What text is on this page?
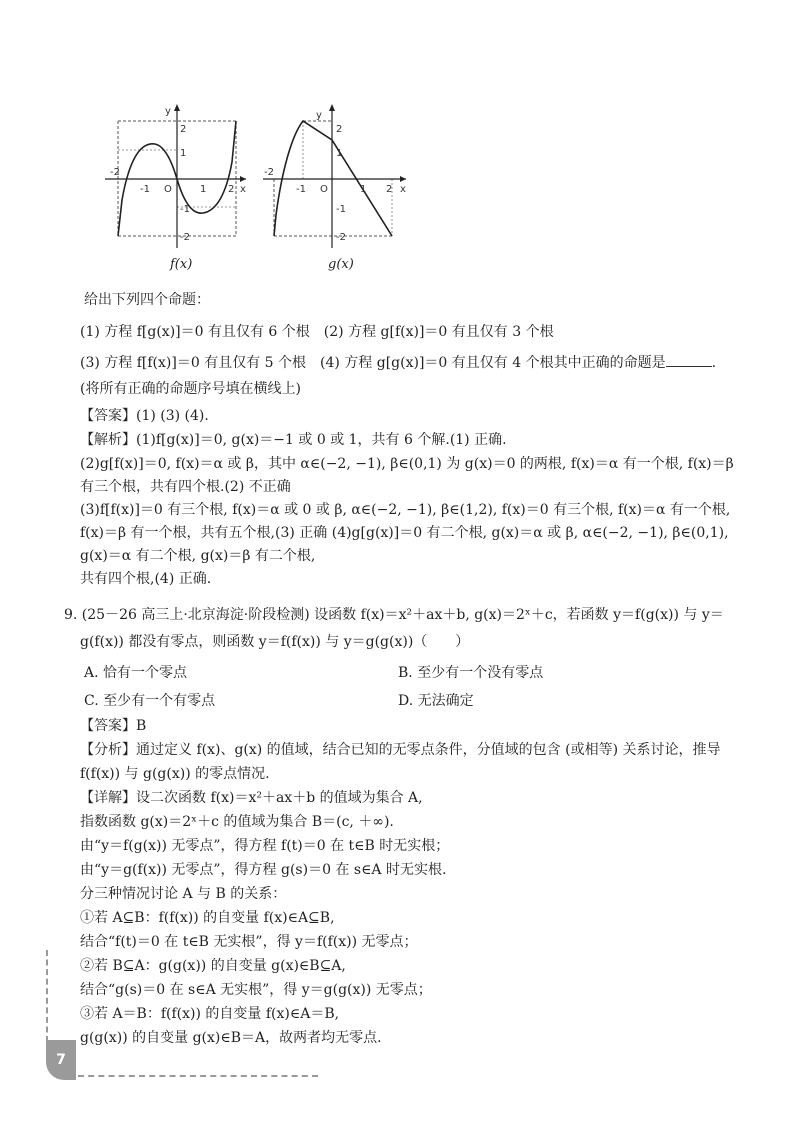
y
x
O
-2
-1	1 2
2
1
-1
-2
f(x)
y
x
O
-2
-1	1 2
2
1
-1
-2
g(x)
给出下列四个命题：
(1) 方程 f[g(x)]＝0 有且仅有 6 个根　(2) 方程 g[f(x)]＝0 有且仅有 3 个根
(3) 方程 f[f(x)]＝0 有且仅有 5 个根　(4) 方程 g[g(x)]＝0 有且仅有 4 个根其中正确的命题是	.
(将所有正确的命题序号填在横线上)
【答案】(1) (3) (4).
【解析】(1)f[g(x)]＝0, g(x)＝−1 或 0 或 1，共有 6 个解.(1) 正确.
(2)g[f(x)]＝0, f(x)＝α 或 β，其中 α∈(−2, −1), β∈(0,1) 为 g(x)＝0 的两根, f(x)＝α 有一个根, f(x)＝β
有三个根，共有四个根.(2) 不正确
(3)f[f(x)]＝0 有三个根, f(x)＝α 或 0 或 β, α∈(−2, −1), β∈(1,2), f(x)＝0 有三个根, f(x)＝α 有一个根,
f(x)＝β 有一个根，共有五个根,(3) 正确 (4)g[g(x)]＝0 有二个根, g(x)＝α 或 β, α∈(−2, −1), β∈(0,1),
g(x)＝α 有二个根, g(x)＝β 有二个根,
共有四个根,(4) 正确.
9. (25－26 高三上·北京海淀·阶段检测) 设函数 f(x)＝x²＋ax＋b, g(x)＝2ˣ＋c，若函数 y＝f(g(x)) 与 y＝
g(f(x)) 都没有零点，则函数 y＝f(f(x)) 与 y＝g(g(x))（　　）
A. 恰有一个零点	B. 至少有一个没有零点
C. 至少有一个有零点	D. 无法确定
【答案】B
【分析】通过定义 f(x)、g(x) 的值域，结合已知的无零点条件，分值域的包含 (或相等) 关系讨论，推导
f(f(x)) 与 g(g(x)) 的零点情况.
【详解】设二次函数 f(x)＝x²＋ax＋b 的值域为集合 A,
指数函数 g(x)＝2ˣ＋c 的值域为集合 B＝(c, ＋∞).
由“y＝f(g(x)) 无零点”，得方程 f(t)＝0 在 t∈B 时无实根；
由“y＝g(f(x)) 无零点”，得方程 g(s)＝0 在 s∈A 时无实根.
分三种情况讨论 A 与 B 的关系：
①若 A⊆B：f(f(x)) 的自变量 f(x)∈A⊆B,
结合“f(t)＝0 在 t∈B 无实根”，得 y＝f(f(x)) 无零点；
②若 B⊆A：g(g(x)) 的自变量 g(x)∈B⊆A,
结合“g(s)＝0 在 s∈A 无实根”，得 y＝g(g(x)) 无零点；
③若 A＝B：f(f(x)) 的自变量 f(x)∈A＝B,
g(g(x)) 的自变量 g(x)∈B＝A，故两者均无零点.
7
